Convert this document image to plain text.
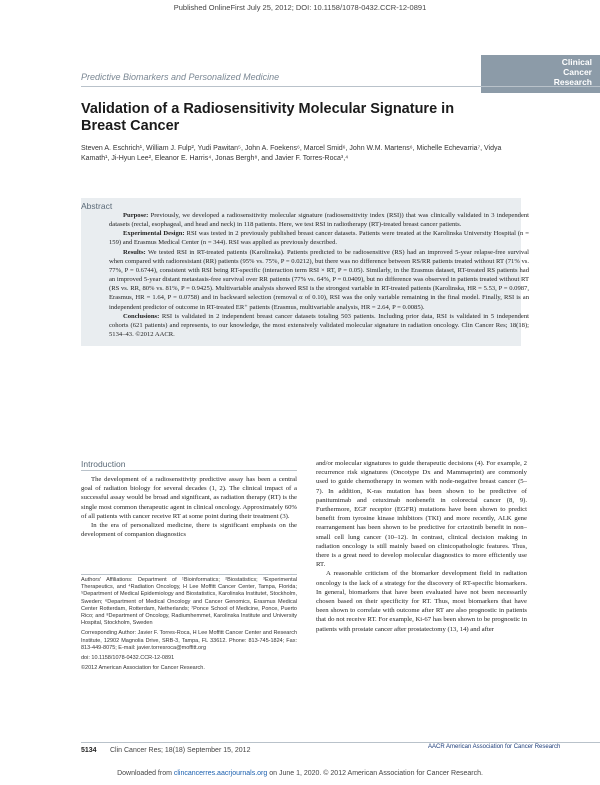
Published OnlineFirst July 25, 2012; DOI: 10.1158/1078-0432.CCR-12-0891
Clinical
Cancer
Research
Predictive Biomarkers and Personalized Medicine
Validation of a Radiosensitivity Molecular Signature in Breast Cancer
Steven A. Eschrich¹, William J. Fulp², Yudi Pawitan⁵, John A. Foekens⁶, Marcel Smid⁶, John W.M. Martens⁶, Michelle Echevarria⁷, Vidya Kamath¹, Ji-Hyun Lee², Eleanor E. Harris⁴, Jonas Bergh⁸, and Javier F. Torres-Roca³,⁴
Abstract

Purpose: Previously, we developed a radiosensitivity molecular signature (radiosensitivity index (RSI)) that was clinically validated in 3 independent datasets (rectal, esophageal, and head and neck) in 118 patients. Here, we test RSI in radiotherapy (RT)-treated breast cancer patients.

Experimental Design: RSI was tested in 2 previously published breast cancer datasets. Patients were treated at the Karolinska University Hospital (n = 159) and Erasmus Medical Center (n = 344). RSI was applied as previously described.

Results: We tested RSI in RT-treated patients (Karolinska). Patients predicted to be radiosensitive (RS) had an improved 5-year relapse-free survival when compared with radioresistant (RR) patients (95% vs. 75%, P = 0.0212), but there was no difference between RS/RR patients treated without RT (71% vs. 77%, P = 0.6744), consistent with RSI being RT-specific (interaction term RSI × RT, P = 0.05). Similarly, in the Erasmus dataset, RT-treated RS patients had an improved 5-year distant metastasis-free survival over RR patients (77% vs. 64%, P = 0.0409), but no difference was observed in patients treated without RT (RS vs. RR, 80% vs. 81%, P = 0.9425). Multivariable analysis showed RSI is the strongest variable in RT-treated patients (Karolinska, HR = 5.53, P = 0.0987, Erasmus, HR = 1.64, P = 0.0758) and in backward selection (removal α of 0.10), RSI was the only variable remaining in the final model. Finally, RSI is an independent predictor of outcome in RT-treated ER⁺ patients (Erasmus, multivariable analysis, HR = 2.64, P = 0.0085).

Conclusions: RSI is validated in 2 independent breast cancer datasets totaling 503 patients. Including prior data, RSI is validated in 5 independent cohorts (621 patients) and represents, to our knowledge, the most extensively validated molecular signature in radiation oncology. Clin Cancer Res; 18(18); 5134–43. ©2012 AACR.

Introduction

The development of a radiosensitivity predictive assay has been a central goal of radiation biology for several decades (1, 2). The clinical impact of a successful assay would be broad and significant, as radiation therapy (RT) is the single most common therapeutic agent in clinical oncology. Approximately 60% of all patients with cancer receive RT at some point during their treatment (3).

In the era of personalized medicine, there is significant emphasis on the development of companion diagnostics

Authors' Affiliations: Department of ¹Bioinformatics; ²Biostatistics; ³Experimental Therapeutics, and ⁴Radiation Oncology, H Lee Moffitt Cancer Center, Tampa, Florida; ⁵Department of Medical Epidemiology and Biostatistics, Karolinska Institutet, Stockholm, Sweden; ⁶Department of Medical Oncology and Cancer Genomics, Erasmus Medical Center Rotterdam, Rotterdam, Netherlands; ⁷Ponce School of Medicine, Ponce, Puerto Rico; and ⁸Department of Oncology, Radiumhemmet, Karolinska Institute and University Hospital, Stockholm, Sweden

Corresponding Author: Javier F. Torres-Roca, H Lee Moffitt Cancer Center and Research Institute, 12902 Magnolia Drive, SRB-3, Tampa, FL 33612. Phone: 813-745-1824; Fax: 813-449-8075; E-mail: javier.torresroca@moffitt.org

doi: 10.1158/1078-0432.CCR-12-0891

©2012 American Association for Cancer Research.

and/or molecular signatures to guide therapeutic decisions (4). For example, 2 recurrence risk signatures (Oncotype Dx and Mammaprint) are commonly used to guide chemotherapy in women with node-negative breast cancer (5–7). In addition, K-ras mutation has been shown to be predictive of panitumimab and cetuximab nonbenefit in colorectal cancer (8, 9). Furthermore, EGF receptor (EGFR) mutations have been shown to predict benefit from tyrosine kinase inhibitors (TKI) and more recently, ALK gene rearrangement has been shown to be predictive for crizotinib benefit in non–small cell lung cancer (10–12). In contrast, clinical decision making in radiation oncology is still mainly based on clinicopathologic features. Thus, there is a great need to develop molecular diagnostics to more efficiently use RT.

A reasonable criticism of the biomarker development field in radiation oncology is the lack of a strategy for the discovery of RT-specific biomarkers. In general, biomarkers that have been evaluated have not been necessarily chosen based on their specificity for RT. Thus, most biomarkers that have been shown to correlate with outcome after RT are also prognostic in patients that do not receive RT. For example, Ki-67 has been shown to be prognostic in patients with prostate cancer after prostatectomy (13, 14) and after

5134 Clin Cancer Res; 18(18) September 15, 2012	AACR American Association for Cancer Research
Downloaded from clincancerres.aacrjournals.org on June 1, 2020. © 2012 American Association for Cancer Research.
